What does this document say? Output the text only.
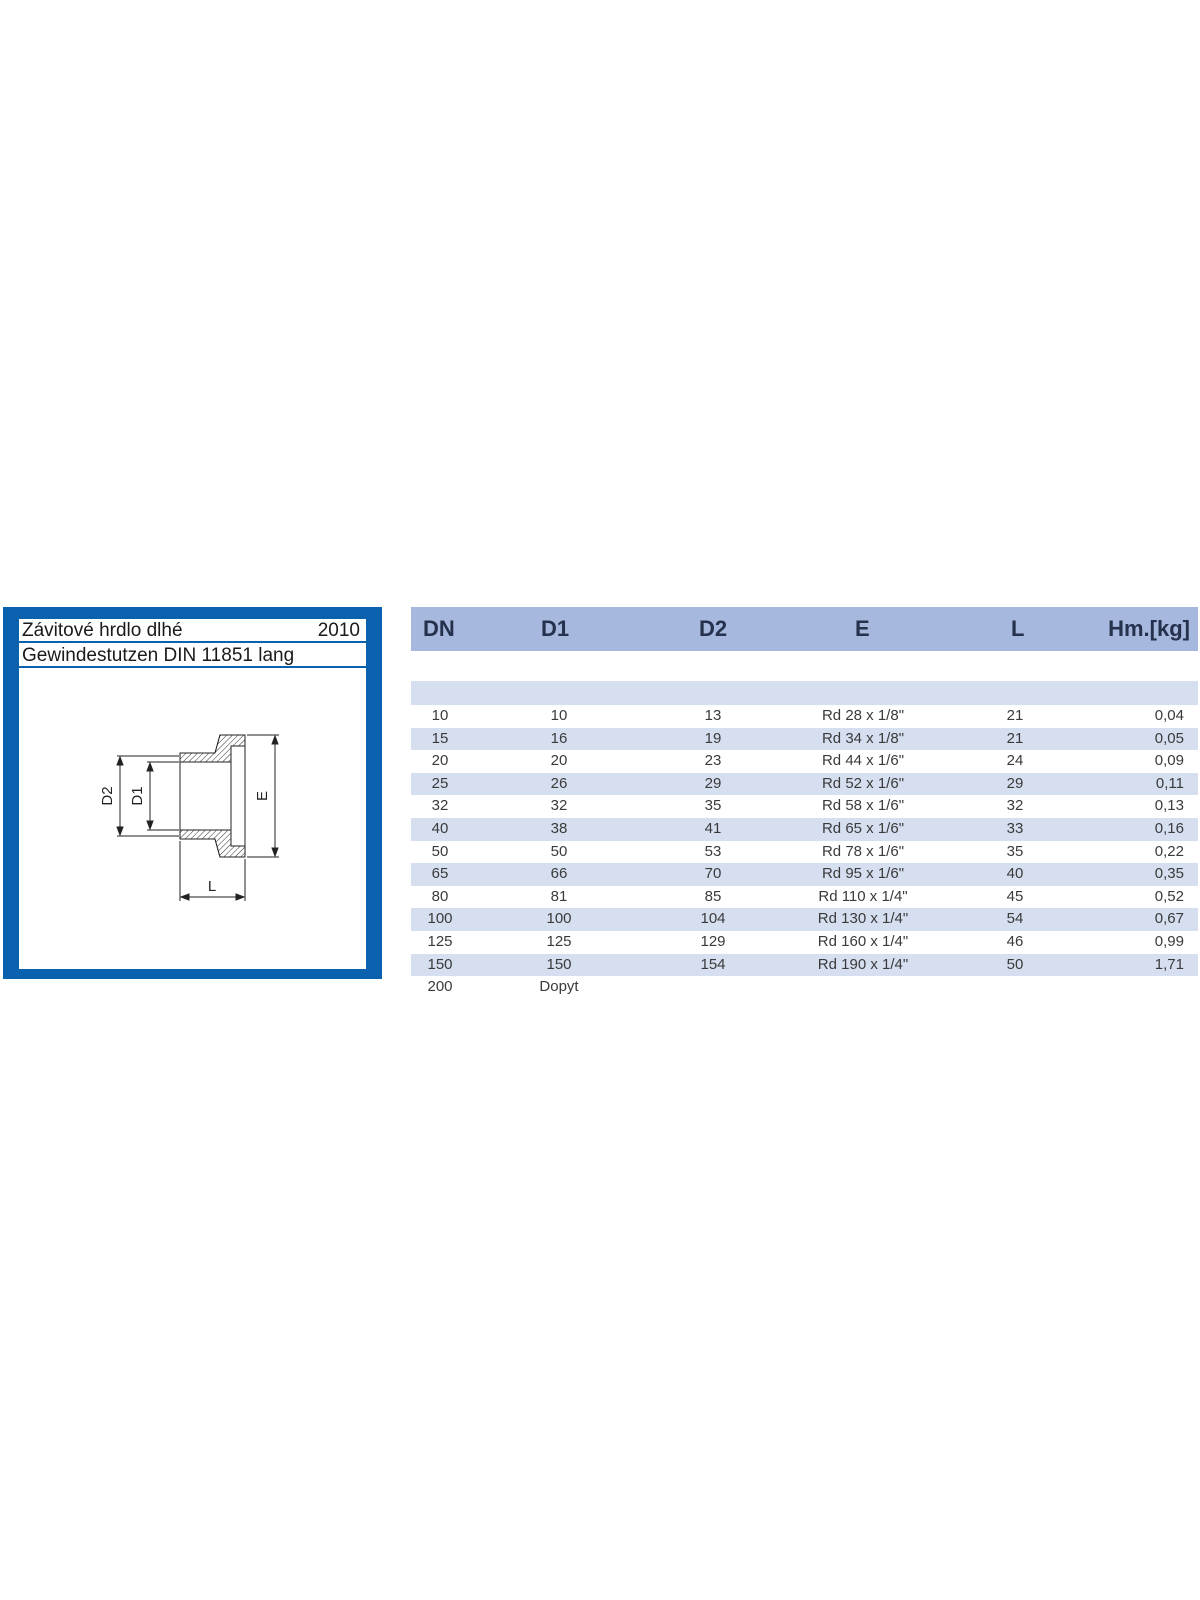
Závitové hrdlo dlhé	2010
Gewindestutzen DIN 11851 lang
D2 D1	E
L
DN	D1	D2	E	L	Hm.[kg]
10	10	13	Rd 28 x 1/8"	21	0,04
15	16	19	Rd 34 x 1/8"	21	0,05
20	20	23	Rd 44 x 1/6"	24	0,09
25	26	29	Rd 52 x 1/6"	29	0,11
32	32	35	Rd 58 x 1/6"	32	0,13
40	38	41	Rd 65 x 1/6"	33	0,16
50	50	53	Rd 78 x 1/6"	35	0,22
65	66	70	Rd 95 x 1/6"	40	0,35
80	81	85	Rd 110 x 1/4"	45	0,52
100	100	104	Rd 130 x 1/4"	54	0,67
125	125	129	Rd 160 x 1/4"	46	0,99
150	150	154	Rd 190 x 1/4"	50	1,71
200	Dopyt
